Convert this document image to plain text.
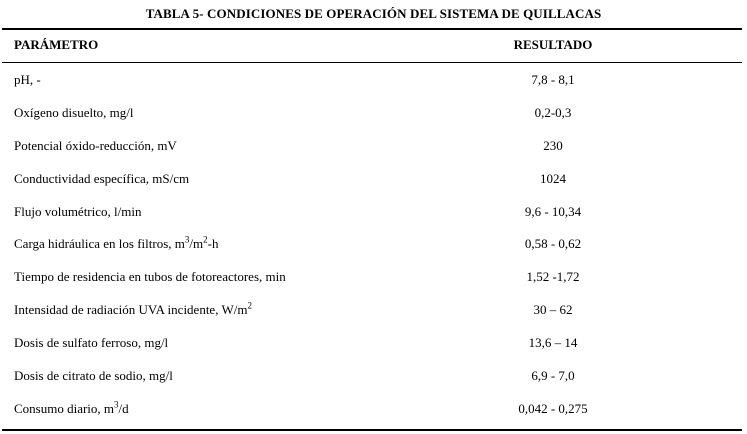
TABLA 5- CONDICIONES DE OPERACIÓN DEL SISTEMA DE QUILLACAS
PARÁMETRO	RESULTADO
pH, -	7,8 - 8,1
Oxígeno disuelto, mg/l	0,2-0,3
Potencial óxido-reducción, mV	230
Conductividad específica, mS/cm	1024
Flujo volumétrico, l/min	9,6 - 10,34
Carga hidráulica en los filtros, $m^3/m^2-h$	0,58 - 0,62
Tiempo de residencia en tubos de fotoreactores, min	1,52 -1,72
Intensidad de radiación UVA incidente, $W/m^2$	30 – 62
Dosis de sulfato ferroso, mg/l	13,6 – 14
Dosis de citrato de sodio, mg/l	6,9 - 7,0
Consumo diario, $m^3/d$	0,042 - 0,275
